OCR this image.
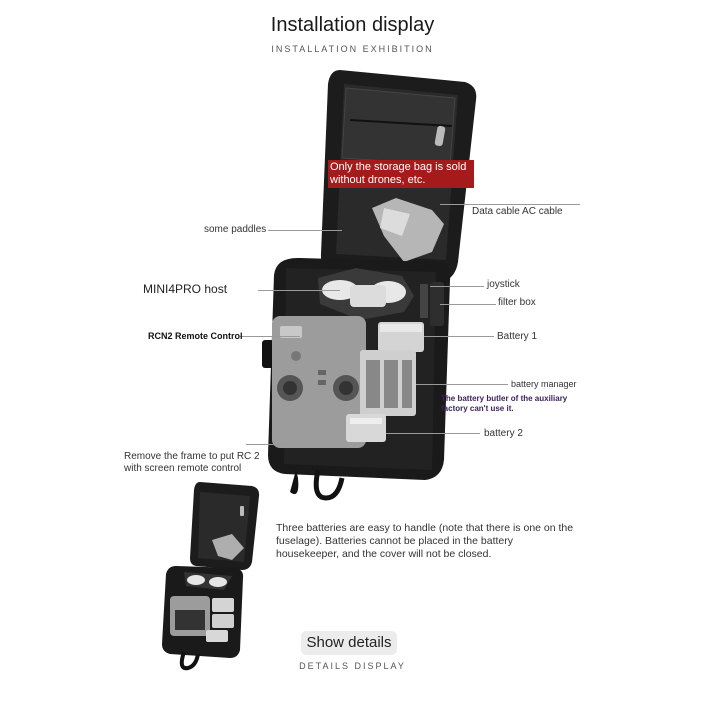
Installation display
INSTALLATION EXHIBITION
Only the storage bag is sold without drones, etc.
Data cable AC cable
some paddles
MINI4PRO host	joystick
filter box
RCN2 Remote Control	Battery 1
battery manager
The battery butler of the auxiliary factory can't use it.
battery 2
Remove the frame to put RC 2 with screen remote control
Three batteries are easy to handle (note that there is one on the fuselage). Batteries cannot be placed in the battery housekeeper, and the cover will not be closed.
Show details
DETAILS DISPLAY
